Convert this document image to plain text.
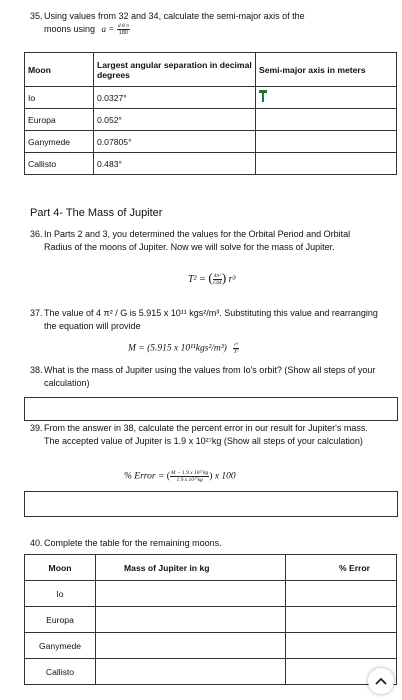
35. Using values from 32 and 34, calculate the semi-major axis of the
moons using $a = \frac{\text{d θ π}}{180}$
Moon	Largest angular separation in decimal degrees	Semi-major axis in meters
Io	0.0327°	

Europa	0.052°	
Ganymede	0.07805°	
Callisto	0.483°	
Part 4- The Mass of Jupiter
36. In Parts 2 and 3, you determined the values for the Orbital Period and Orbital Radius of the moons of Jupiter. Now we will solve for the mass of Jupiter.
T² = ( $\frac{\text{4π²}}{GM}$ ) r³
37. The value of 4 π² / G is 5.915 x 10¹¹ kgs²/m³. Substituting this value and rearranging the equation will provide
M = (5.915 x $10^{11}kgs^2/m^3) \frac{\text{r³}}{\text{T²}}$
38. What is the mass of Jupiter using the values from Io's orbit? (Show all steps of your calculation)
39. From the answer in 38, calculate the percent error in our result for Jupiter's mass. The accepted value of Jupiter is 1.9 x 10²⁷kg (Show all steps of your calculation)
% Error = ( $\frac{\text{M − 1.9 x 10²⁷kg}}{\text{1.9 x 10²⁷kg}}$ ) x 100
40. Complete the table for the remaining moons.
Moon	Mass of Jupiter in kg	% Error
Io		
Europa		
Ganymede		
Callisto		
